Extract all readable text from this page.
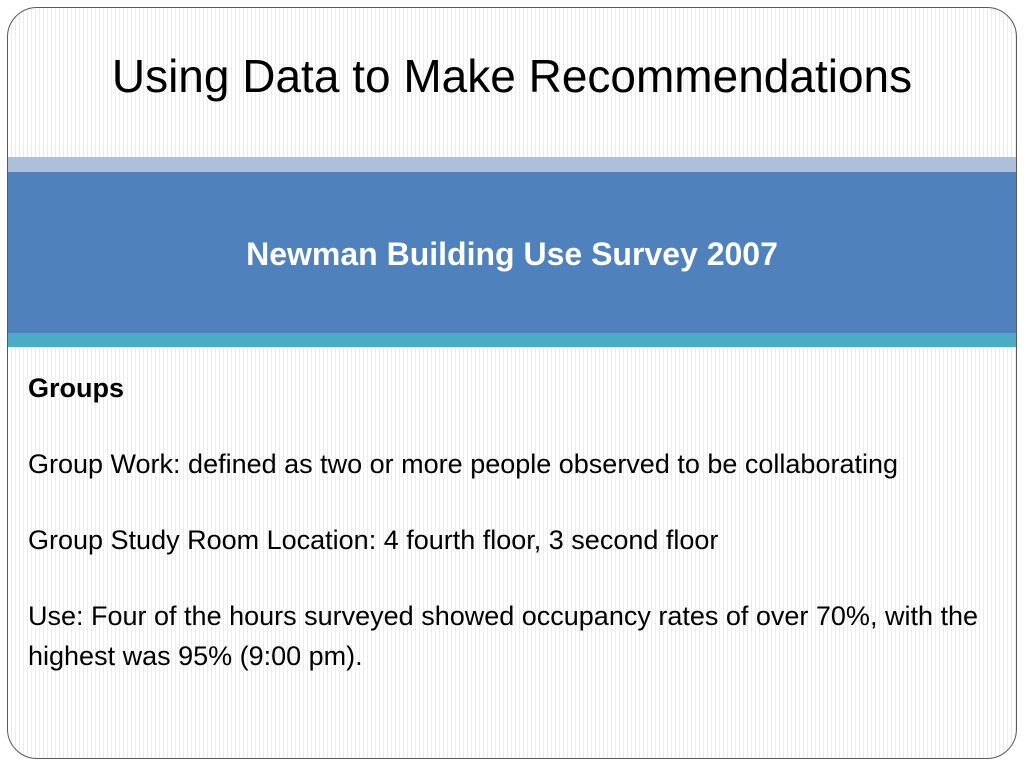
Using Data to Make Recommendations
Newman Building Use Survey 2007

Groups

Group Work: defined as two or more people observed to be collaborating

Group Study Room Location: 4 fourth floor, 3 second floor

Use: Four of the hours surveyed showed occupancy rates of over 70%, with the highest was 95% (9:00 pm).
